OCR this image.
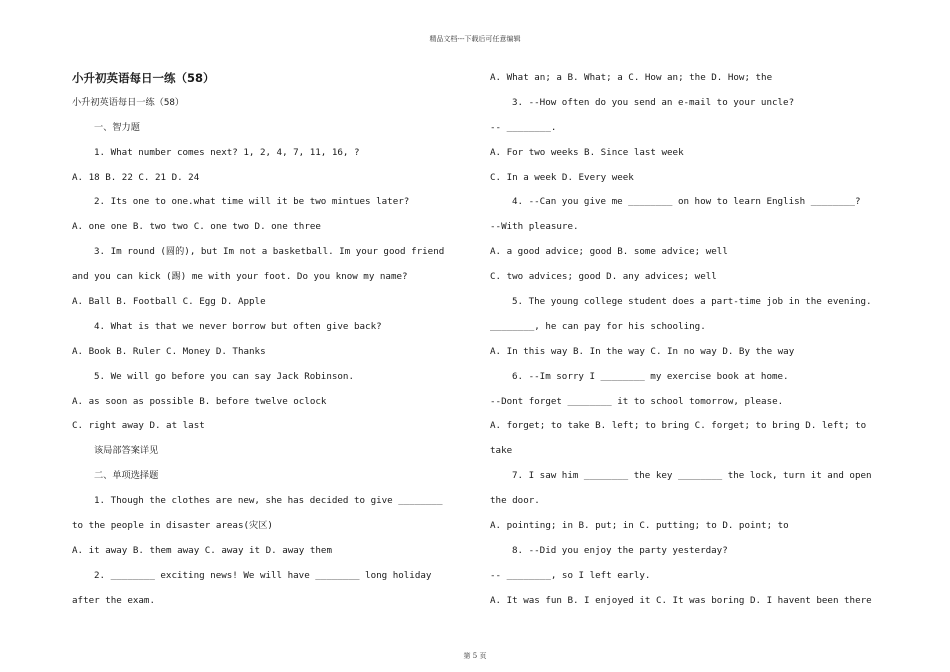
精品文档---下载后可任意编辑
小升初英语每日一练（58）
小升初英语每日一练（58）
一、智力题
1. What number comes next? 1, 2, 4, 7, 11, 16, ?
A. 18 B. 22 C. 21 D. 24
2. Its one to one.what time will it be two mintues later?
A. one one B. two two C. one two D. one three
3. Im round (圆的), but Im not a basketball. Im your good friend
and you can kick (踢) me with your foot. Do you know my name?
A. Ball B. Football C. Egg D. Apple
4. What is that we never borrow but often give back?
A. Book B. Ruler C. Money D. Thanks
5. We will go before you can say Jack Robinson.
A. as soon as possible B. before twelve oclock
C. right away D. at last
该局部答案详见
二、单项选择题
1. Though the clothes are new, she has decided to give ________
to the people in disaster areas(灾区)
A. it away B. them away C. away it D. away them
2. ________ exciting news! We will have ________ long holiday
after the exam.
A. What an; a B. What; a C. How an; the D. How; the
3. --How often do you send an e-mail to your uncle?
-- ________.
A. For two weeks B. Since last week
C. In a week D. Every week
4. --Can you give me ________ on how to learn English ________?
--With pleasure.
A. a good advice; good B. some advice; well
C. two advices; good D. any advices; well
5. The young college student does a part-time job in the evening.
________, he can pay for his schooling.
A. In this way B. In the way C. In no way D. By the way
6. --Im sorry I ________ my exercise book at home.
--Dont forget ________ it to school tomorrow, please.
A. forget; to take B. left; to bring C. forget; to bring D. left; to
take
7. I saw him ________ the key ________ the lock, turn it and open
the door.
A. pointing; in B. put; in C. putting; to D. point; to
8. --Did you enjoy the party yesterday?
-- ________, so I left early.
A. It was fun B. I enjoyed it C. It was boring D. I havent been there
第 5 页
